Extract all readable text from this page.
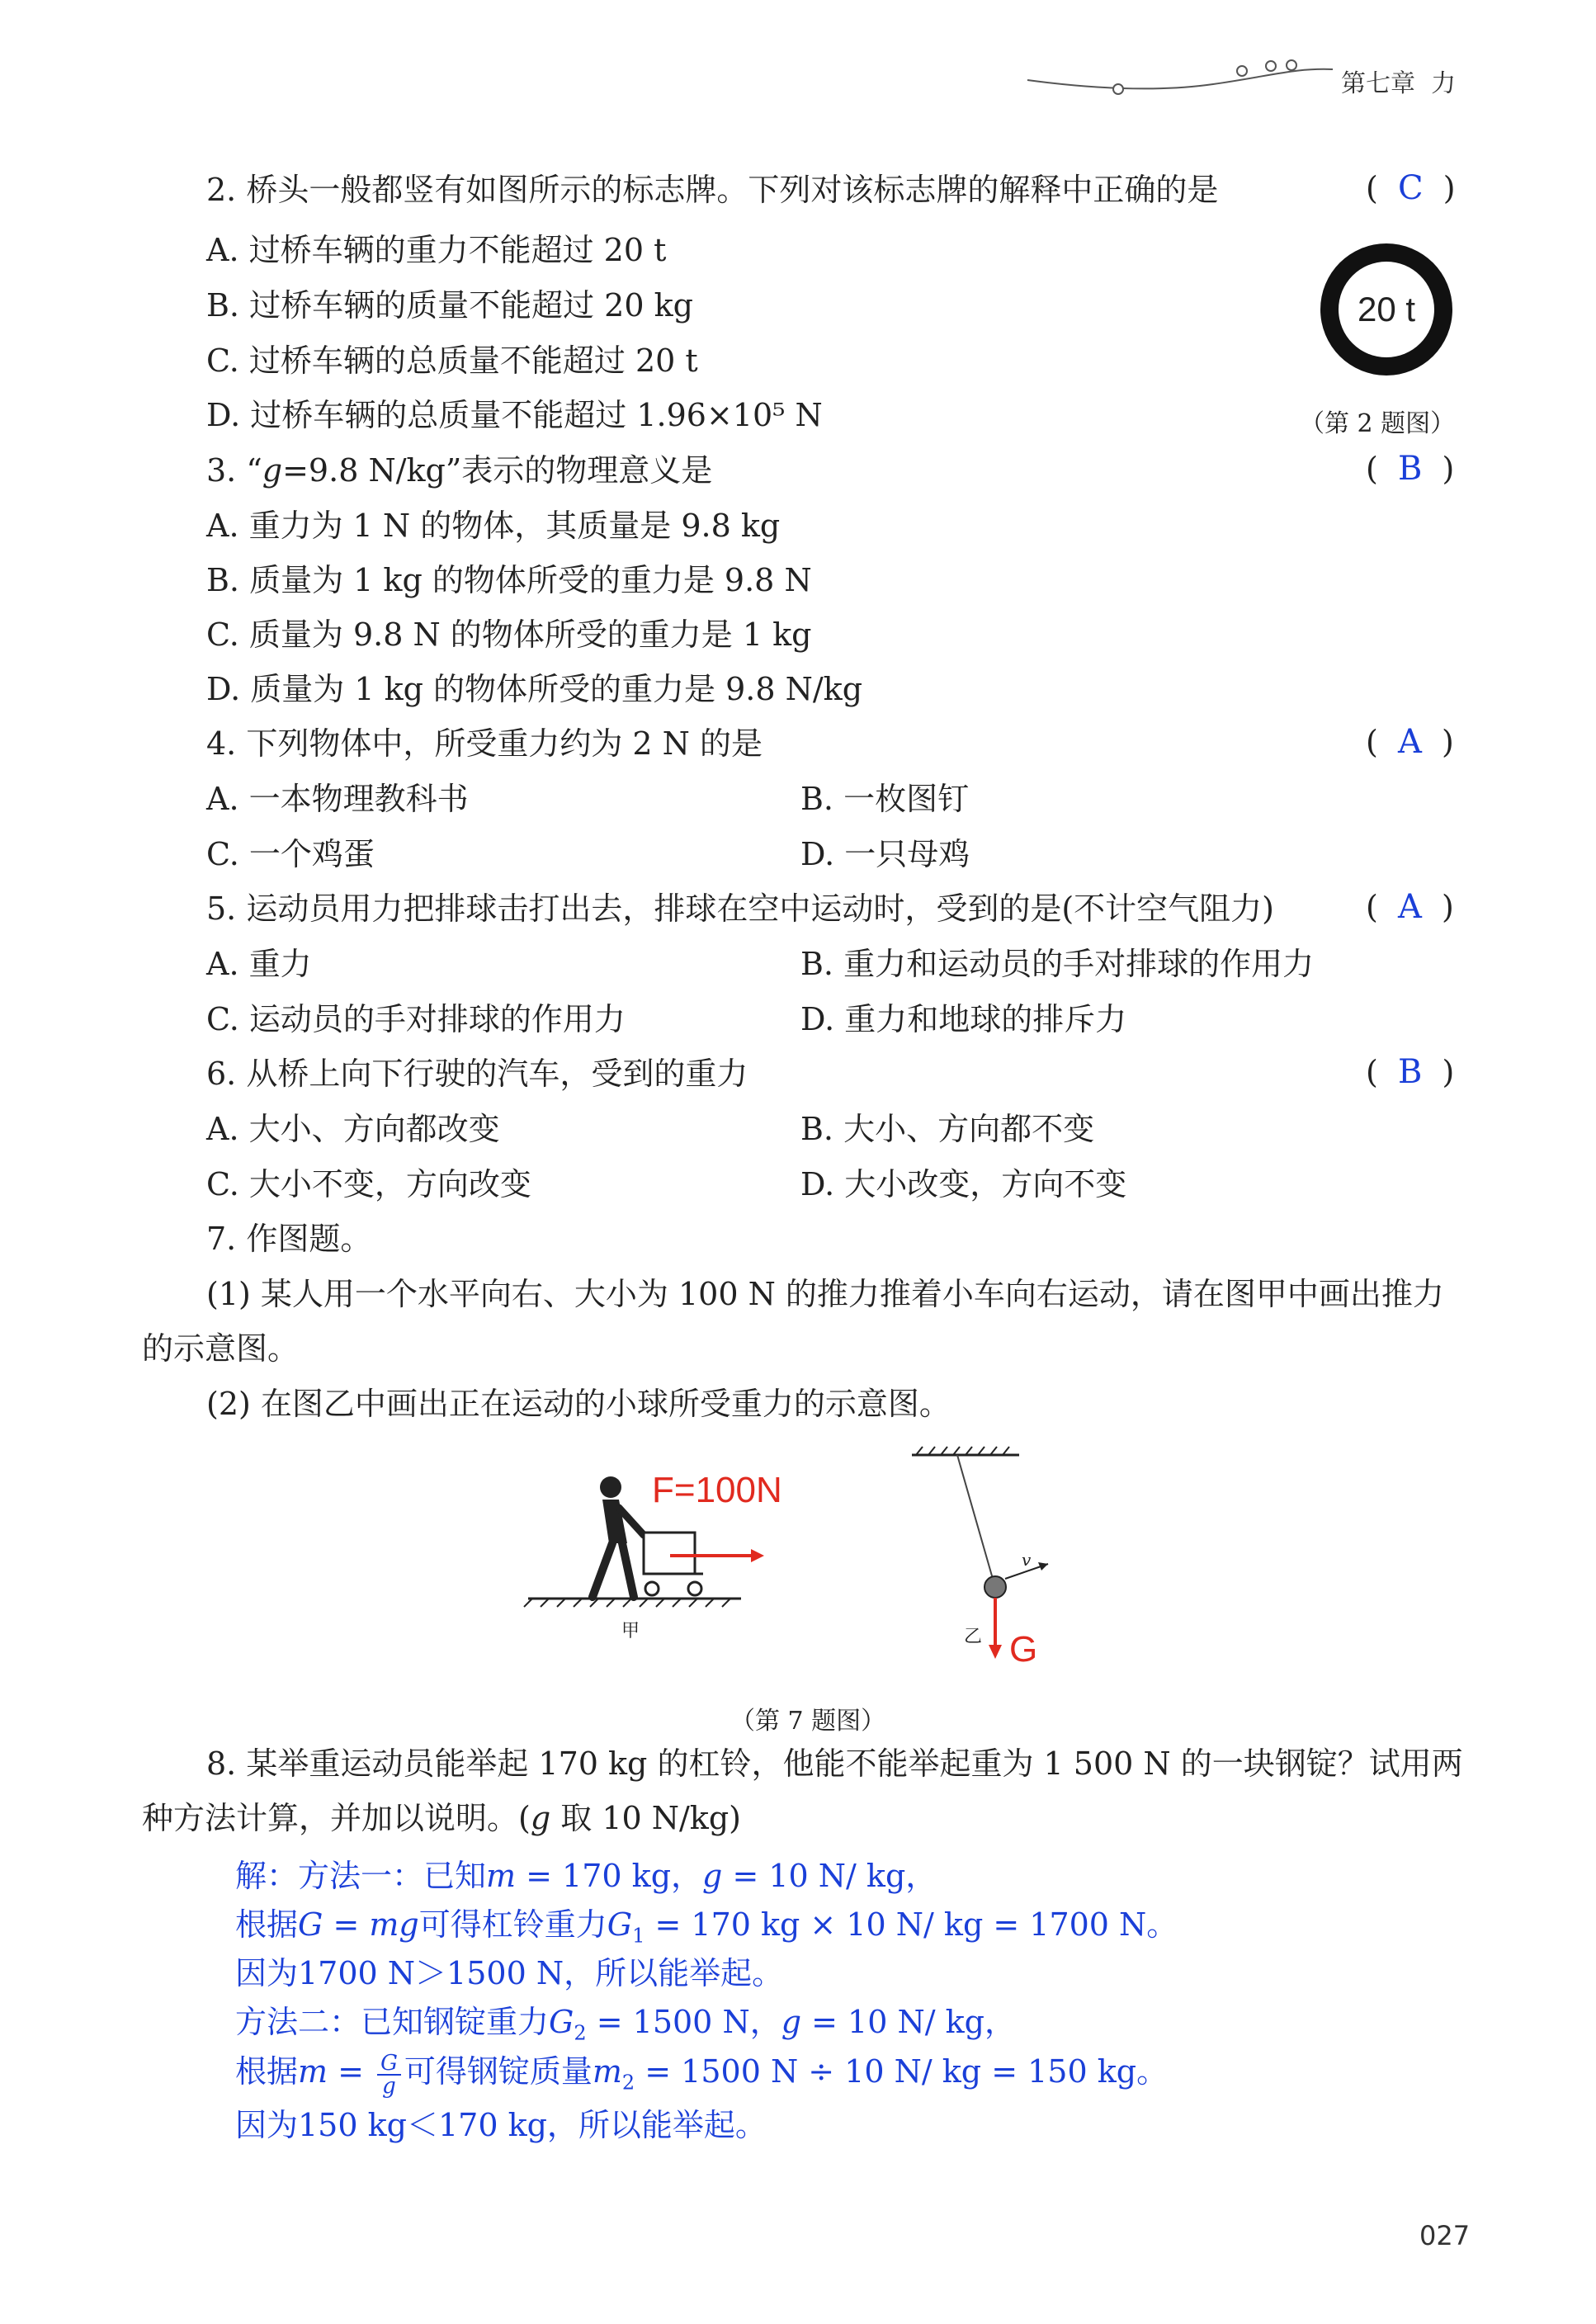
第七章 力
2. 桥头一般都竖有如图所示的标志牌。下列对该标志牌的解释中正确的是	(  C  )
A. 过桥车辆的重力不能超过 20 t
B. 过桥车辆的质量不能超过 20 kg
C. 过桥车辆的总质量不能超过 20 t
D. 过桥车辆的总质量不能超过 1.96×10⁵ N
20 t
（第 2 题图）
3. “g=9.8 N/kg”表示的物理意义是	(  B  )
A. 重力为 1 N 的物体，其质量是 9.8 kg
B. 质量为 1 kg 的物体所受的重力是 9.8 N
C. 质量为 9.8 N 的物体所受的重力是 1 kg
D. 质量为 1 kg 的物体所受的重力是 9.8 N/kg
4. 下列物体中，所受重力约为 2 N 的是	(  A  )
A. 一本物理教科书	B. 一枚图钉
C. 一个鸡蛋	D. 一只母鸡
5. 运动员用力把排球击打出去，排球在空中运动时，受到的是(不计空气阻力)	(  A  )
A. 重力	B. 重力和运动员的手对排球的作用力
C. 运动员的手对排球的作用力	D. 重力和地球的排斥力
6. 从桥上向下行驶的汽车，受到的重力	(  B  )
A. 大小、方向都改变	B. 大小、方向都不变
C. 大小不变，方向改变	D. 大小改变，方向不变
7. 作图题。
(1) 某人用一个水平向右、大小为 100 N 的推力推着小车向右运动，请在图甲中画出推力
的示意图。
(2) 在图乙中画出正在运动的小球所受重力的示意图。
F=100N
甲
v
G
乙
（第 7 题图）
8. 某举重运动员能举起 170 kg 的杠铃，他能不能举起重为 1 500 N 的一块钢锭？试用两
种方法计算，并加以说明。(g 取 10 N/kg)
解：方法一：已知m = 170 kg，g = 10 N/ kg，
根据G = mg可得杠铃重力$G_1 = 170$ kg × 10 N/ kg = 1700 N。
因为1700 N＞1500 N，所以能举起。
方法二：已知钢锭重力$G_2 = 1500$ N，g = 10 N/ kg，
根据$m = \frac{G}{g}$ 可得钢锭质量$m_2 = 1500$ N ÷ 10 N/ kg = 150 kg。
因为150 kg＜170 kg，所以能举起。
027
